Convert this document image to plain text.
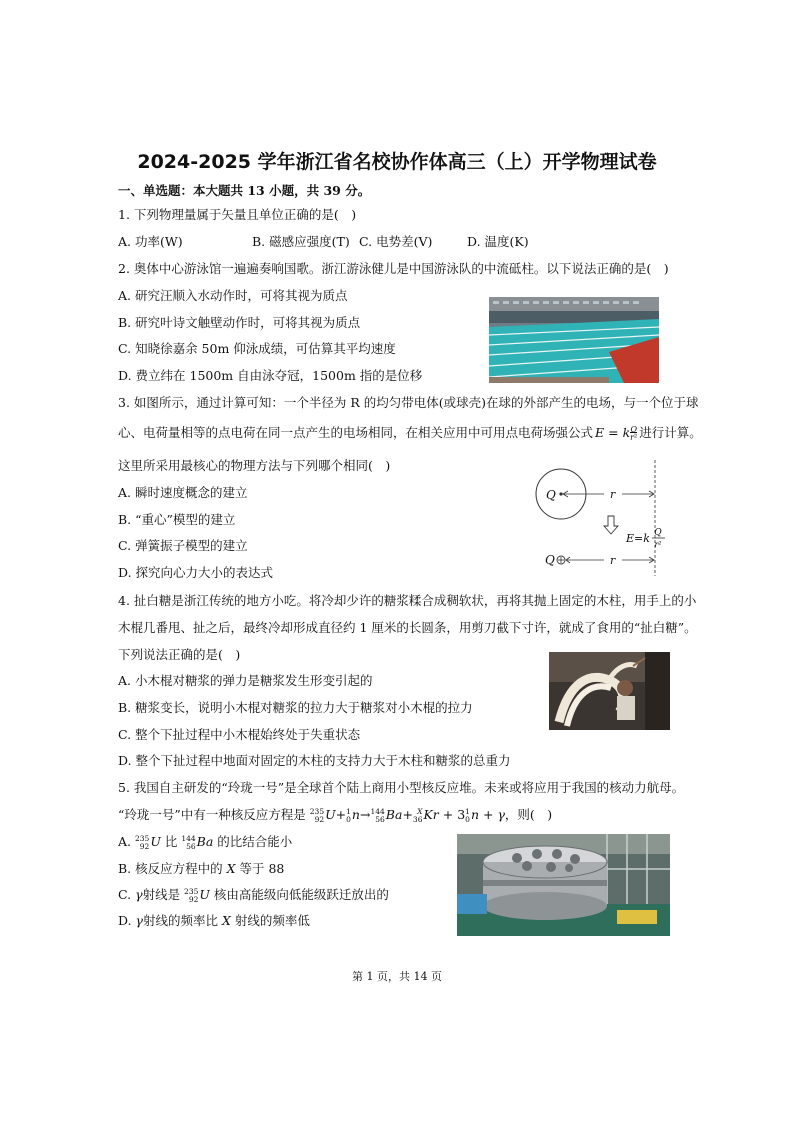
2024-2025 学年浙江省名校协作体高三（上）开学物理试卷
一、单选题：本大题共 13 小题，共 39 分。
1. 下列物理量属于矢量且单位正确的是(　)
A. 功率(W)	B. 磁感应强度(T) C. 电势差(V)	D. 温度(K)
2. 奥体中心游泳馆一遍遍奏响国歌。浙江游泳健儿是中国游泳队的中流砥柱。以下说法正确的是(　)
A. 研究汪顺入水动作时，可将其视为质点
B. 研究叶诗文触壁动作时，可将其视为质点
C. 知晓徐嘉余 50m 仰泳成绩，可估算其平均速度
D. 费立纬在 1500m 自由泳夺冠，1500m 指的是位移
3. 如图所示，通过计算可知：一个半径为 R 的均匀带电体(或球壳)在球的外部产生的电场，与一个位于球
心、电荷量相等的点电荷在同一点产生的电场相同，在相关应用中可用点电荷场强公式 $E = k\frac{Q}{\text{r²}}$ 进行计算。
这里所采用最核心的物理方法与下列哪个相同(　)
A. 瞬时速度概念的建立
B. “重心”模型的建立
C. 弹簧振子模型的建立
D. 探究向心力大小的表达式
Q	r
E=k Q
r²
Q	r
4. 扯白糖是浙江传统的地方小吃。将冷却少许的糖浆糅合成稠软状，再将其抛上固定的木柱，用手上的小
木棍几番甩、扯之后，最终冷却形成直径约 1 厘米的长圆条，用剪刀截下寸许，就成了食用的“扯白糖”。
下列说法正确的是(　)
A. 小木棍对糖浆的弹力是糖浆发生形变引起的
B. 糖浆变长，说明小木棍对糖浆的拉力大于糖浆对小木棍的拉力
C. 整个下扯过程中小木棍始终处于失重状态
D. 整个下扯过程中地面对固定的木柱的支持力大于木柱和糖浆的总重力
5. 我国自主研发的“玲珑一号”是全球首个陆上商用小型核反应堆。未来或将应用于我国的核动力航母。
“玲珑一号”中有一种核反应方程是 235
92U+1
0n→144
56Ba+ X
36Kr + 31
0n + γ，则(　)
A. 235
92U 比 144
56Ba 的比结合能小
B. 核反应方程中的 X 等于 88
C. γ射线是 235
92U 核由高能级向低能级跃迁放出的
D. γ射线的频率比 X 射线的频率低
第 1 页，共 14 页
